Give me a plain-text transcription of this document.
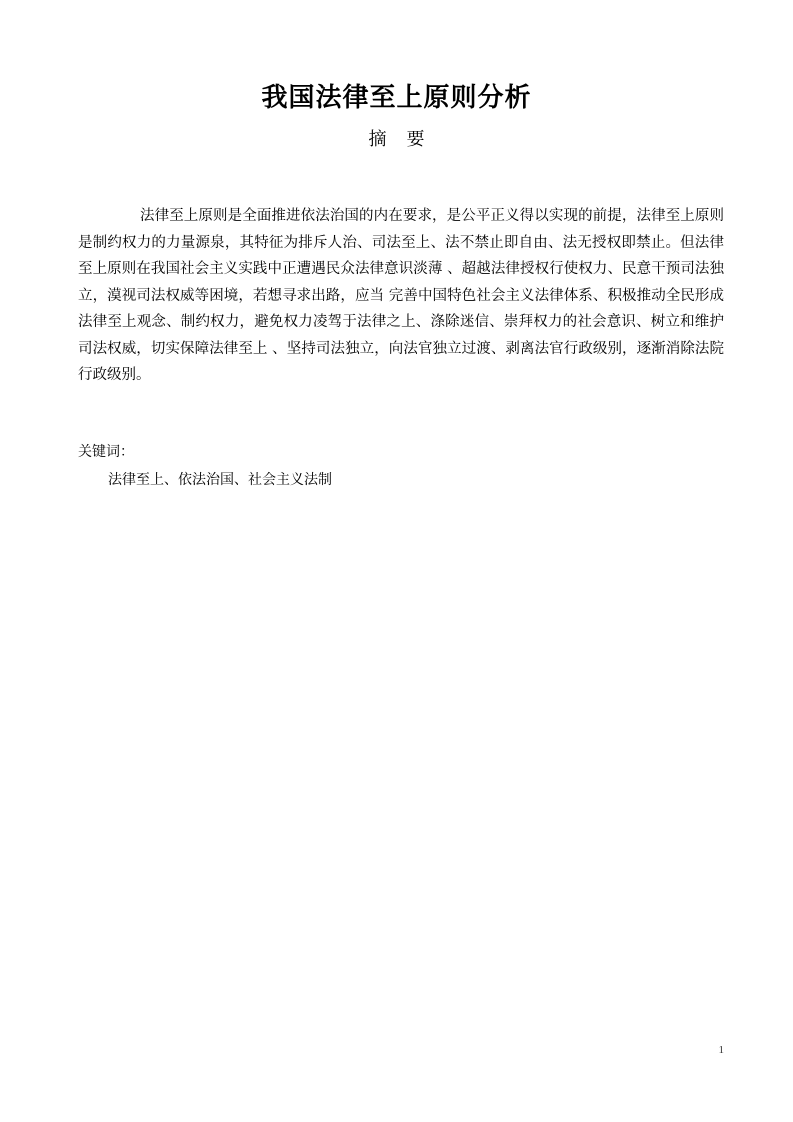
我国法律至上原则分析
摘要

法律至上原则是全面推进依法治国的内在要求，是公平正义得以实现的前提，法律至上原则是制约权力的力量源泉，其特征为排斥人治、司法至上、法不禁止即自由、法无授权即禁止。但法律至上原则在我国社会主义实践中正遭遇民众法律意识淡薄 、超越法律授权行使权力、民意干预司法独立，漠视司法权威等困境，若想寻求出路，应当 完善中国特色社会主义法律体系、积极推动全民形成法律至上观念、制约权力，避免权力凌驾于法律之上、涤除迷信、崇拜权力的社会意识、树立和维护司法权威，切实保障法律至上 、坚持司法独立，向法官独立过渡、剥离法官行政级别，逐渐消除法院行政级别。

关键词：
法律至上、依法治国、社会主义法制
1
